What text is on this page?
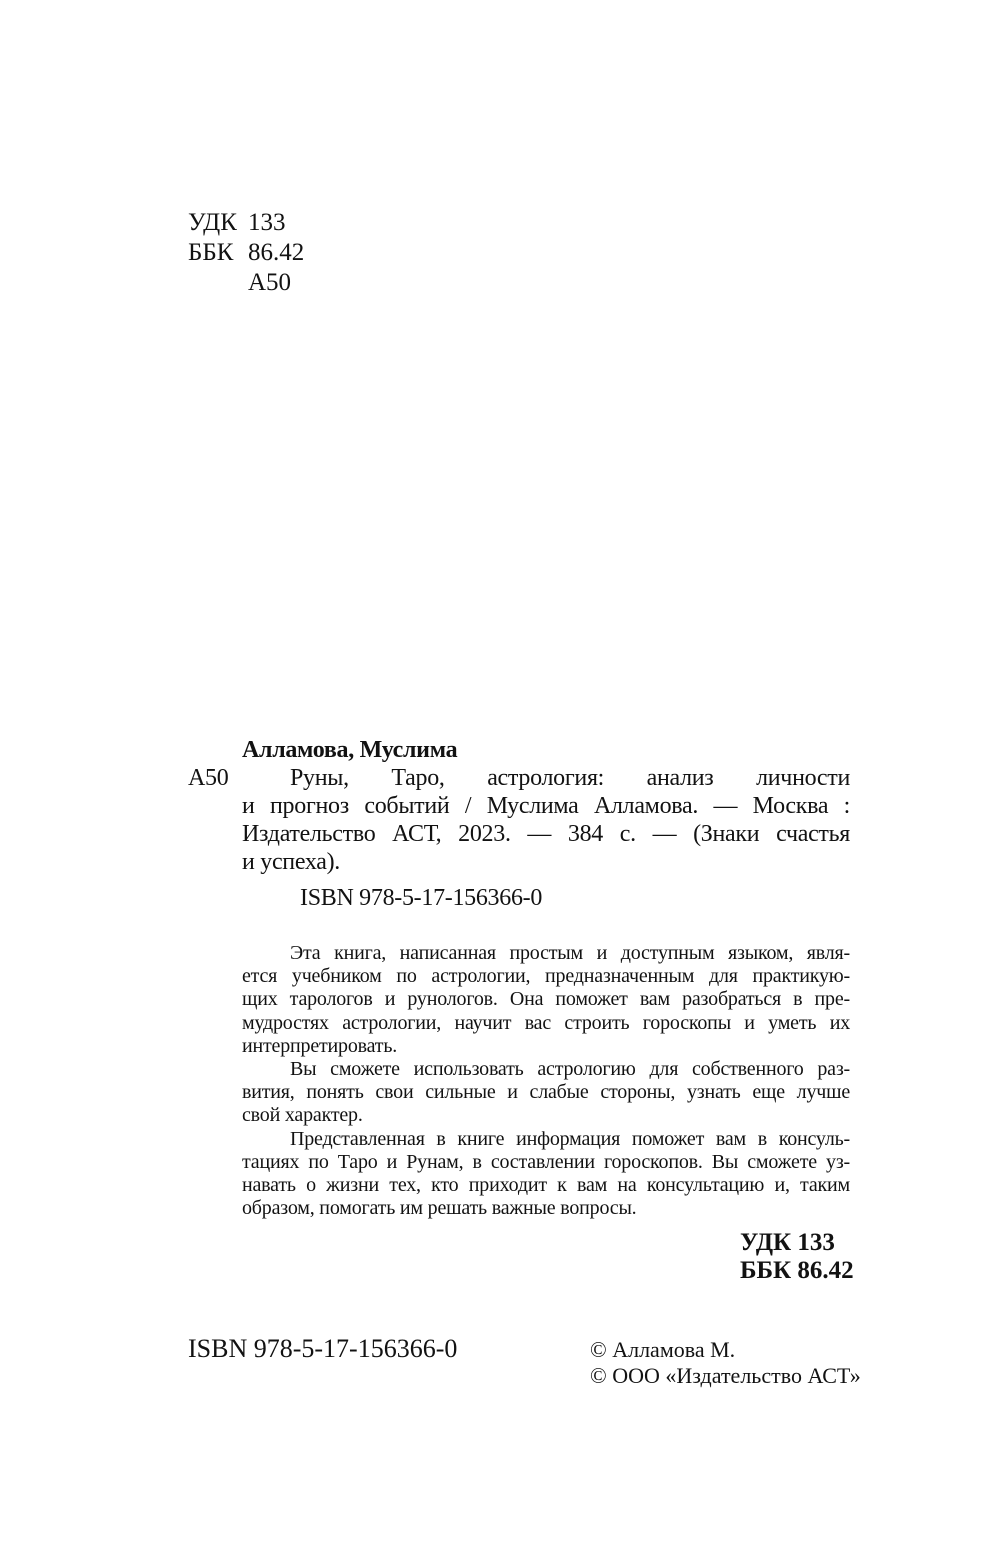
УДК 133
ББК 86.42
А50
Алламова, Муслима
А50	Руны, Таро, астрология: анализ личности
и прогноз событий / Муслима Алламова. — Москва :
Издательство АСТ, 2023. — 384 с. — (Знаки счастья
и успеха).
ISBN 978-5-17-156366-0
Эта книга, написанная простым и доступным языком, явля-
ется учебником по астрологии, предназначенным для практикую-
щих тарологов и рунологов. Она поможет вам разобраться в пре-
мудростях астрологии, научит вас строить гороскопы и уметь их
интерпретировать.
Вы сможете использовать астрологию для собственного раз-
вития, понять свои сильные и слабые стороны, узнать еще лучше
свой характер.
Представленная в книге информация поможет вам в консуль-
тациях по Таро и Рунам, в составлении гороскопов. Вы сможете уз-
навать о жизни тех, кто приходит к вам на консультацию и, таким
образом, помогать им решать важные вопросы.
УДК 133
ББК 86.42
ISBN 978-5-17-156366-0	© Алламова М.
© ООО «Издательство АСТ»
